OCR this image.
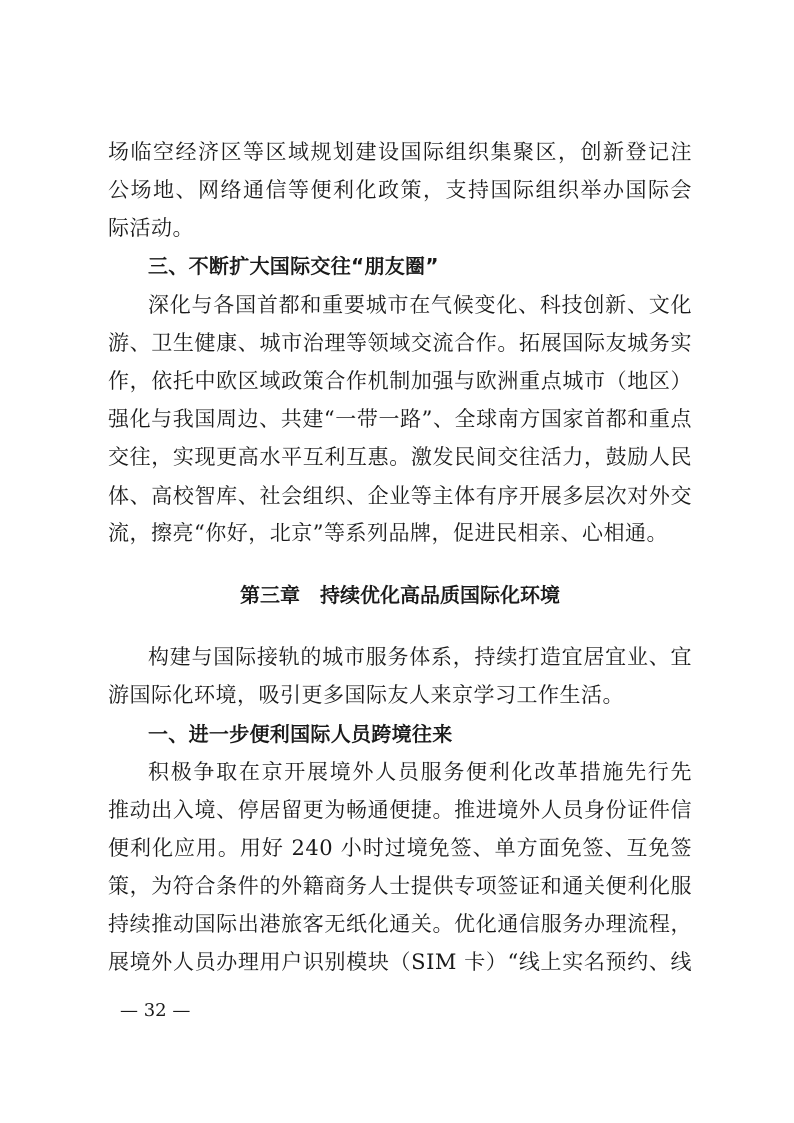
— 32 —
场临空经济区等区域规划建设国际组织集聚区，创新登记注
公场地、网络通信等便利化政策，支持国际组织举办国际会
际活动。
三、不断扩大国际交往“朋友圈”
深化与各国首都和重要城市在气候变化、科技创新、文化
游、卫生健康、城市治理等领域交流合作。拓展国际友城务实
作，依托中欧区域政策合作机制加强与欧洲重点城市（地区）
强化与我国周边、共建“一带一路”、全球南方国家首都和重点
交往，实现更高水平互利互惠。激发民间交往活力，鼓励人民
体、高校智库、社会组织、企业等主体有序开展多层次对外交
流，擦亮“你好，北京”等系列品牌，促进民相亲、心相通。
第三章　持续优化高品质国际化环境
构建与国际接轨的城市服务体系，持续打造宜居宜业、宜
游国际化环境，吸引更多国际友人来京学习工作生活。
一、进一步便利国际人员跨境往来
积极争取在京开展境外人员服务便利化改革措施先行先
推动出入境、停居留更为畅通便捷。推进境外人员身份证件信
便利化应用。用好 240 小时过境免签、单方面免签、互免签
策，为符合条件的外籍商务人士提供专项签证和通关便利化服
持续推动国际出港旅客无纸化通关。优化通信服务办理流程，
展境外人员办理用户识别模块（SIM 卡）“线上实名预约、线
